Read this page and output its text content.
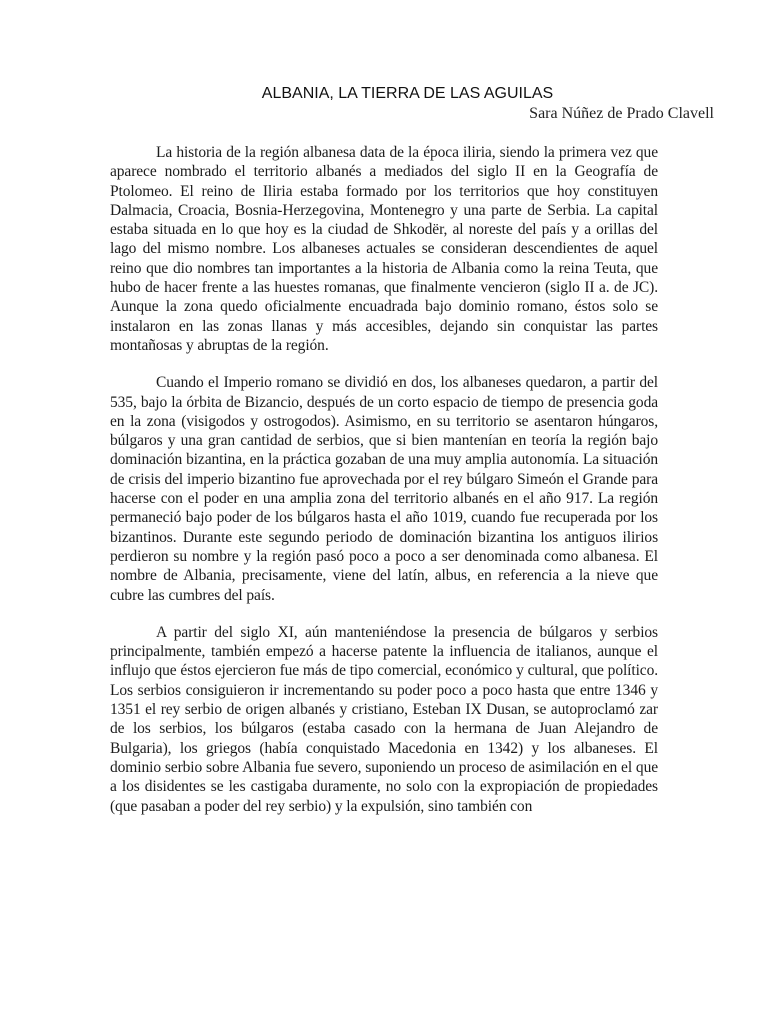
ALBANIA, LA TIERRA DE LAS AGUILAS

Sara Núñez de Prado Clavell

La historia de la región albanesa data de la época iliria, siendo la primera vez que aparece nombrado el territorio albanés a mediados del siglo II en la Geografía de Ptolomeo. El reino de Iliria estaba formado por los territorios que hoy constituyen Dalmacia, Croacia, Bosnia-Herzegovina, Montenegro y una parte de Serbia. La capital estaba situada en lo que hoy es la ciudad de Shkodër, al noreste del país y a orillas del lago del mismo nombre. Los albaneses actuales se consideran descendientes de aquel reino que dio nombres tan importantes a la historia de Albania como la reina Teuta, que hubo de hacer frente a las huestes romanas, que finalmente vencieron (siglo II a. de JC). Aunque la zona quedo oficialmente encuadrada bajo dominio romano, éstos solo se instalaron en las zonas llanas y más accesibles, dejando sin conquistar las partes montañosas y abruptas de la región.

Cuando el Imperio romano se dividió en dos, los albaneses quedaron, a partir del 535, bajo la órbita de Bizancio, después de un corto espacio de tiempo de presencia goda en la zona (visigodos y ostrogodos). Asimismo, en su territorio se asentaron húngaros, búlgaros y una gran cantidad de serbios, que si bien mantenían en teoría la región bajo dominación bizantina, en la práctica gozaban de una muy amplia autonomía. La situación de crisis del imperio bizantino fue aprovechada por el rey búlgaro Simeón el Grande para hacerse con el poder en una amplia zona del territorio albanés en el año 917. La región permaneció bajo poder de los búlgaros hasta el año 1019, cuando fue recuperada por los bizantinos. Durante este segundo periodo de dominación bizantina los antiguos ilirios perdieron su nombre y la región pasó poco a poco a ser denominada como albanesa. El nombre de Albania, precisamente, viene del latín, albus, en referencia a la nieve que cubre las cumbres del país.

A partir del siglo XI, aún manteniéndose la presencia de búlgaros y serbios principalmente, también empezó a hacerse patente la influencia de italianos, aunque el influjo que éstos ejercieron fue más de tipo comercial, económico y cultural, que político. Los serbios consiguieron ir incrementando su poder poco a poco hasta que entre 1346 y 1351 el rey serbio de origen albanés y cristiano, Esteban IX Dusan, se autoproclamó zar de los serbios, los búlgaros (estaba casado con la hermana de Juan Alejandro de Bulgaria), los griegos (había conquistado Macedonia en 1342) y los albaneses. El dominio serbio sobre Albania fue severo, suponiendo un proceso de asimilación en el que a los disidentes se les castigaba duramente, no solo con la expropiación de propiedades (que pasaban a poder del rey serbio) y la expulsión, sino también con
